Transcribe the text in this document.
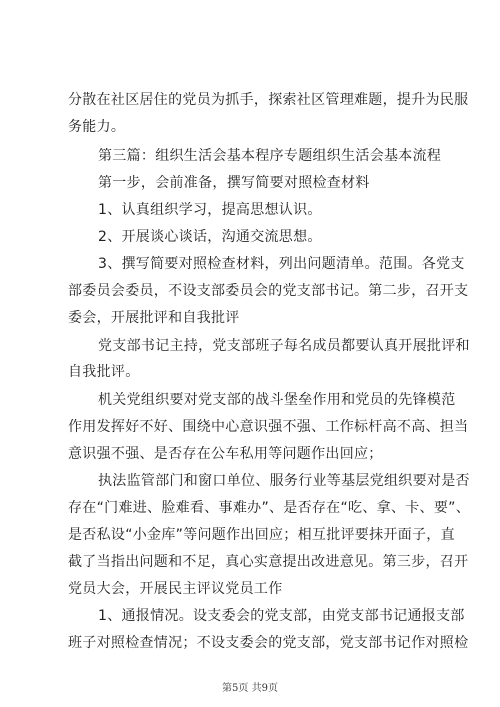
分散在社区居住的党员为抓手，探索社区管理难题，提升为民服
务能力。
第三篇：组织生活会基本程序专题组织生活会基本流程
第一步，会前准备，撰写简要对照检查材料
1、认真组织学习，提高思想认识。
2、开展谈心谈话，沟通交流思想。
3、撰写简要对照检查材料，列出问题清单。范围。各党支
部委员会委员，不设支部委员会的党支部书记。第二步，召开支
委会，开展批评和自我批评
党支部书记主持，党支部班子每名成员都要认真开展批评和
自我批评。
机关党组织要对党支部的战斗堡垒作用和党员的先锋模范
作用发挥好不好、围绕中心意识强不强、工作标杆高不高、担当
意识强不强、是否存在公车私用等问题作出回应；
执法监管部门和窗口单位、服务行业等基层党组织要对是否
存在“门难进、脸难看、事难办”、是否存在“吃、拿、卡、要”、
是否私设“小金库”等问题作出回应；相互批评要抹开面子，直
截了当指出问题和不足，真心实意提出改进意见。第三步，召开
党员大会，开展民主评议党员工作
1、通报情况。设支委会的党支部，由党支部书记通报支部
班子对照检查情况；不设支委会的党支部，党支部书记作对照检
第5页 共9页
